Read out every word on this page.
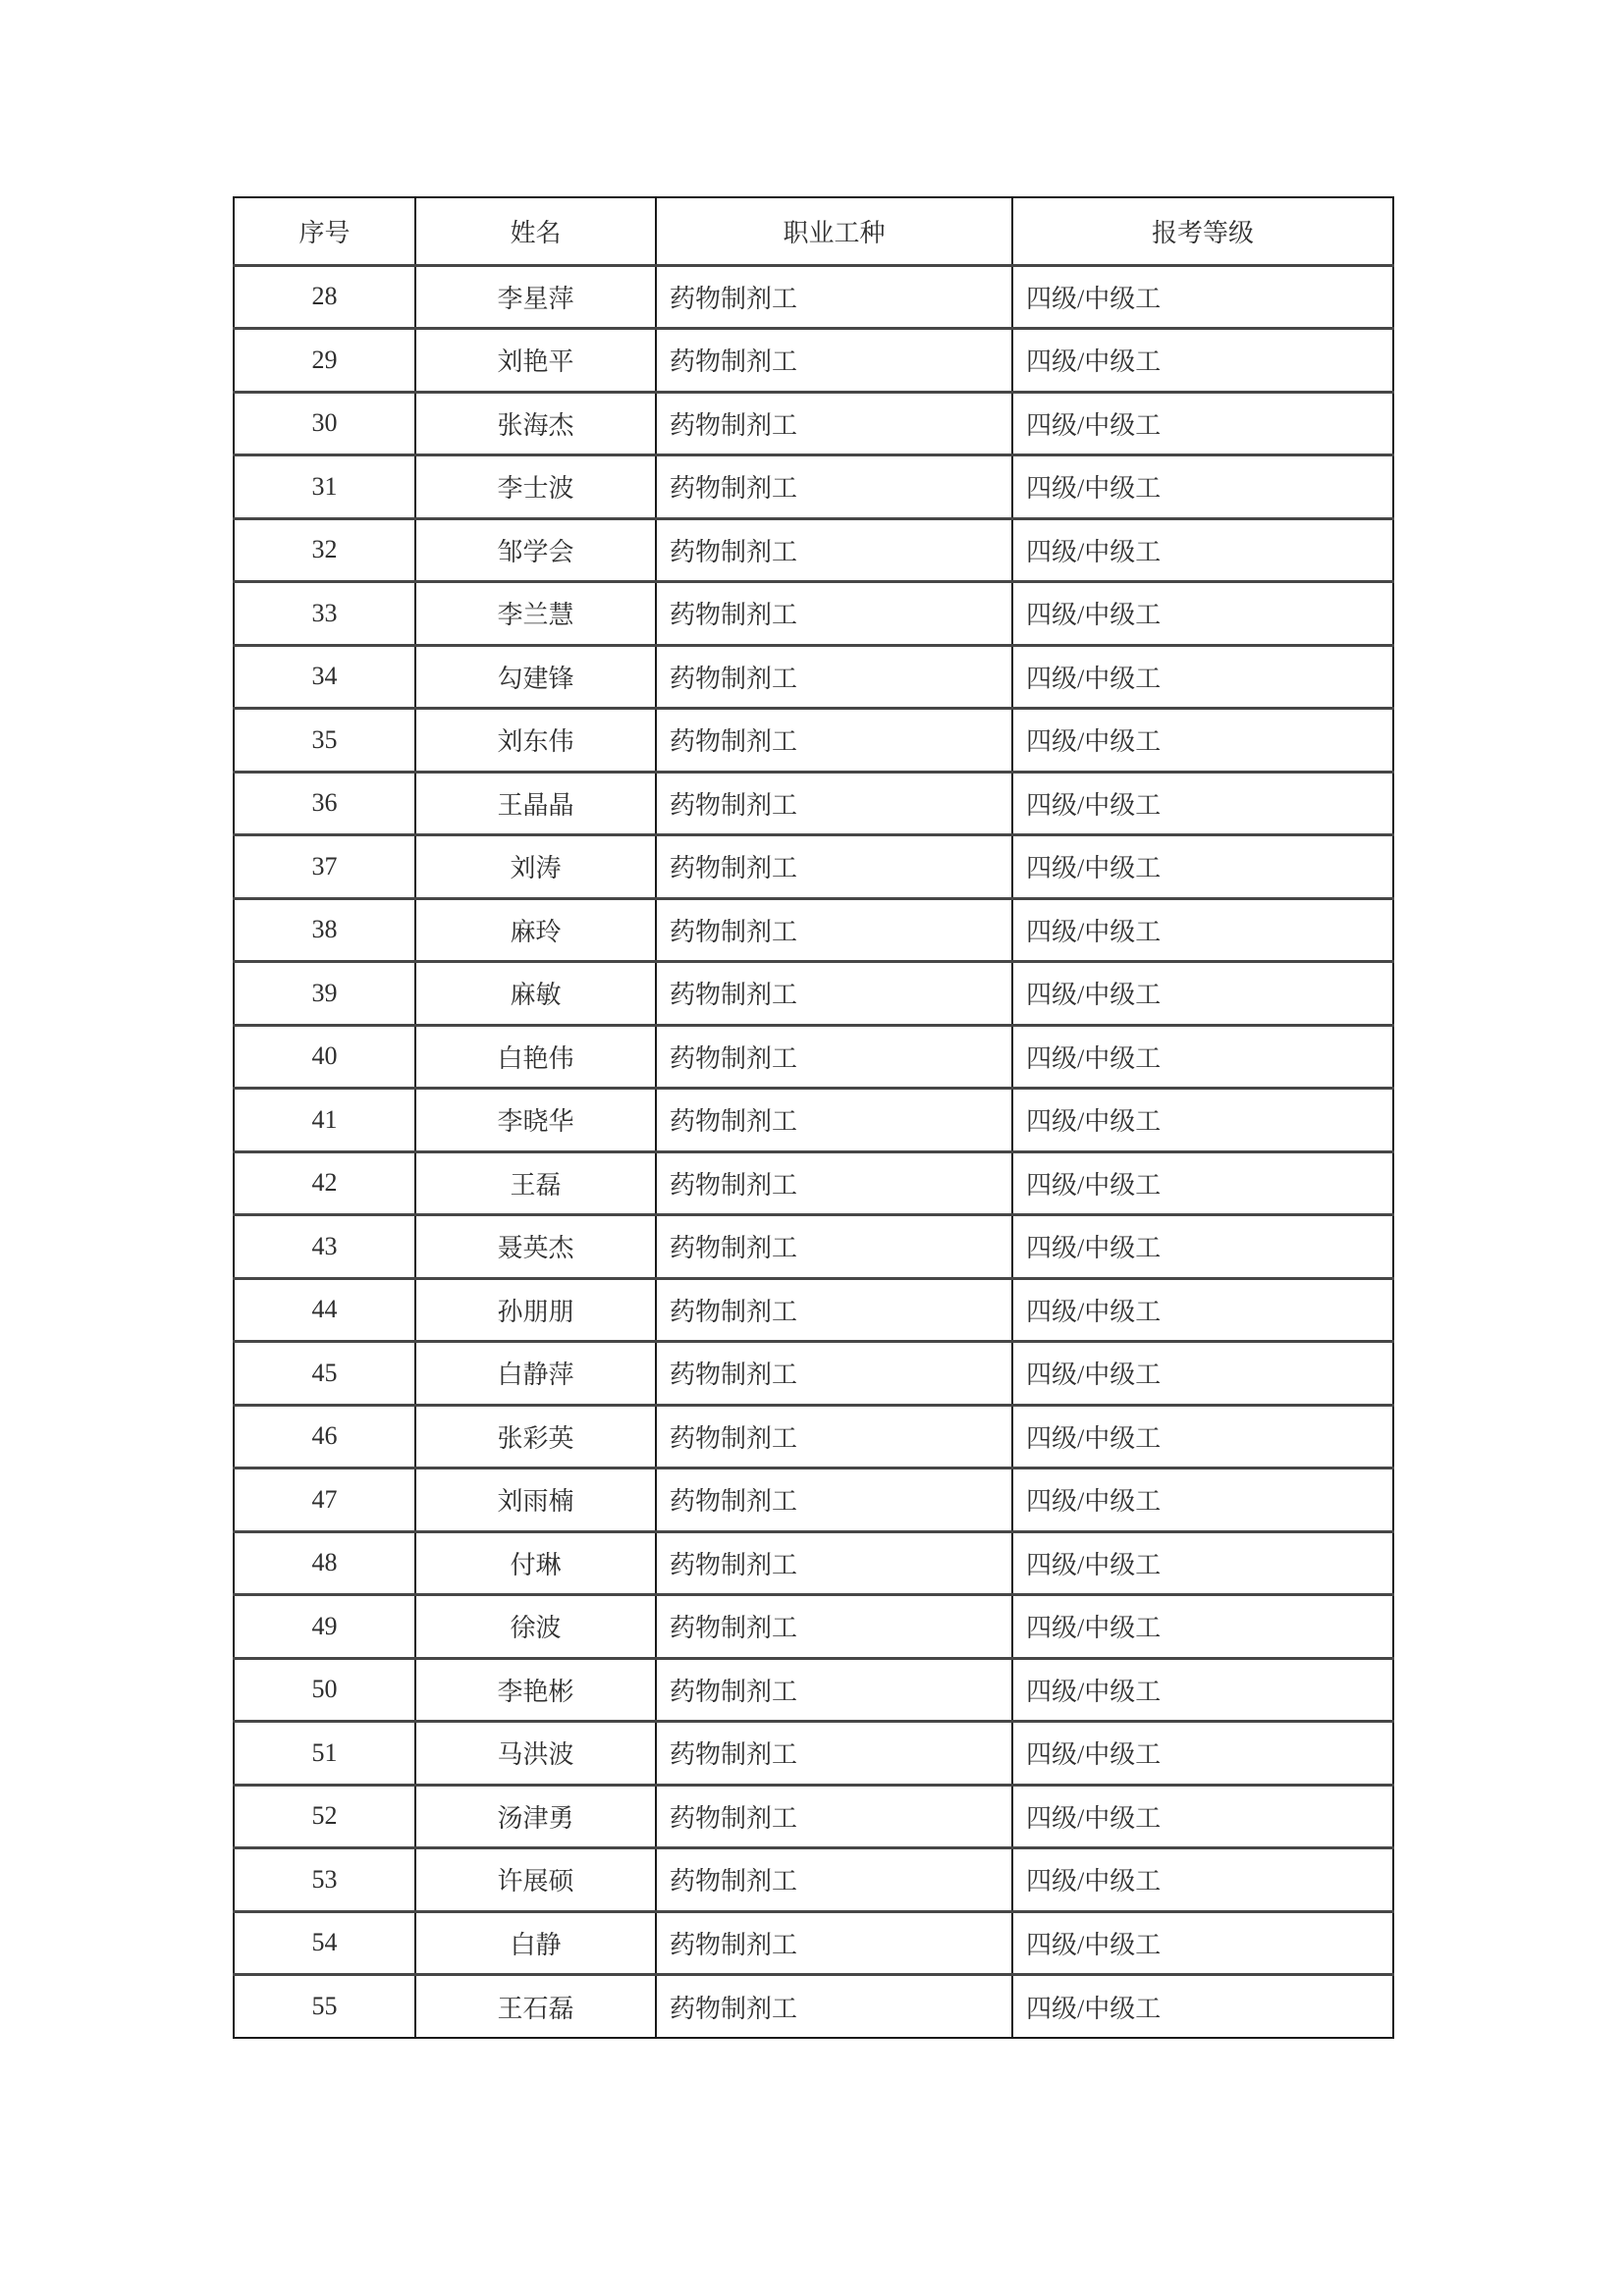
序号	姓名	职业工种	报考等级
28	李星萍	药物制剂工	四级/中级工
29	刘艳平	药物制剂工	四级/中级工
30	张海杰	药物制剂工	四级/中级工
31	李士波	药物制剂工	四级/中级工
32	邹学会	药物制剂工	四级/中级工
33	李兰慧	药物制剂工	四级/中级工
34	勾建锋	药物制剂工	四级/中级工
35	刘东伟	药物制剂工	四级/中级工
36	王晶晶	药物制剂工	四级/中级工
37	刘涛	药物制剂工	四级/中级工
38	麻玲	药物制剂工	四级/中级工
39	麻敏	药物制剂工	四级/中级工
40	白艳伟	药物制剂工	四级/中级工
41	李晓华	药物制剂工	四级/中级工
42	王磊	药物制剂工	四级/中级工
43	聂英杰	药物制剂工	四级/中级工
44	孙朋朋	药物制剂工	四级/中级工
45	白静萍	药物制剂工	四级/中级工
46	张彩英	药物制剂工	四级/中级工
47	刘雨楠	药物制剂工	四级/中级工
48	付琳	药物制剂工	四级/中级工
49	徐波	药物制剂工	四级/中级工
50	李艳彬	药物制剂工	四级/中级工
51	马洪波	药物制剂工	四级/中级工
52	汤津勇	药物制剂工	四级/中级工
53	许展硕	药物制剂工	四级/中级工
54	白静	药物制剂工	四级/中级工
55	王石磊	药物制剂工	四级/中级工
